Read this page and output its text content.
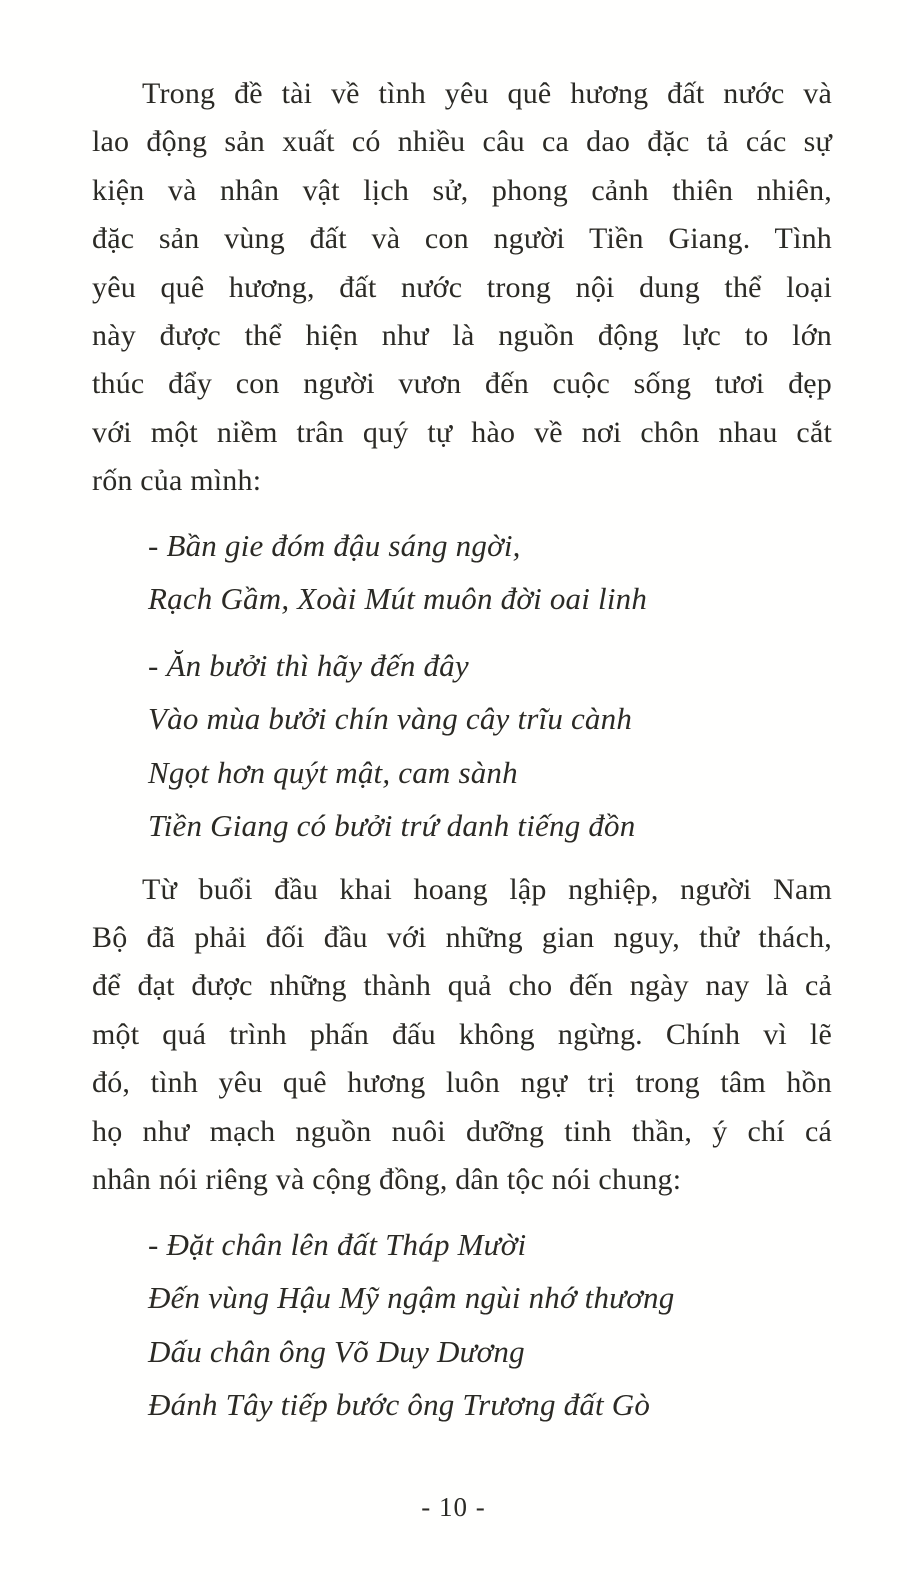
Trong đề tài về tình yêu quê hương đất nước và
lao động sản xuất có nhiều câu ca dao đặc tả các sự
kiện và nhân vật lịch sử, phong cảnh thiên nhiên,
đặc sản vùng đất và con người Tiền Giang. Tình
yêu quê hương, đất nước trong nội dung thể loại
này được thể hiện như là nguồn động lực to lớn
thúc đẩy con người vươn đến cuộc sống tươi đẹp
với một niềm trân quý tự hào về nơi chôn nhau cắt
rốn của mình:
- Bần gie đóm đậu sáng ngời,
Rạch Gầm, Xoài Mút muôn đời oai linh
- Ăn bưởi thì hãy đến đây
Vào mùa bưởi chín vàng cây trĩu cành
Ngọt hơn quýt mật, cam sành
Tiền Giang có bưởi trứ danh tiếng đồn
Từ buổi đầu khai hoang lập nghiệp, người Nam
Bộ đã phải đối đầu với những gian nguy, thử thách,
để đạt được những thành quả cho đến ngày nay là cả
một quá trình phấn đấu không ngừng. Chính vì lẽ
đó, tình yêu quê hương luôn ngự trị trong tâm hồn
họ như mạch nguồn nuôi dưỡng tinh thần, ý chí cá
nhân nói riêng và cộng đồng, dân tộc nói chung:
- Đặt chân lên đất Tháp Mười
Đến vùng Hậu Mỹ ngậm ngùi nhớ thương
Dấu chân ông Võ Duy Dương
Đánh Tây tiếp bước ông Trương đất Gò
- 10 -
